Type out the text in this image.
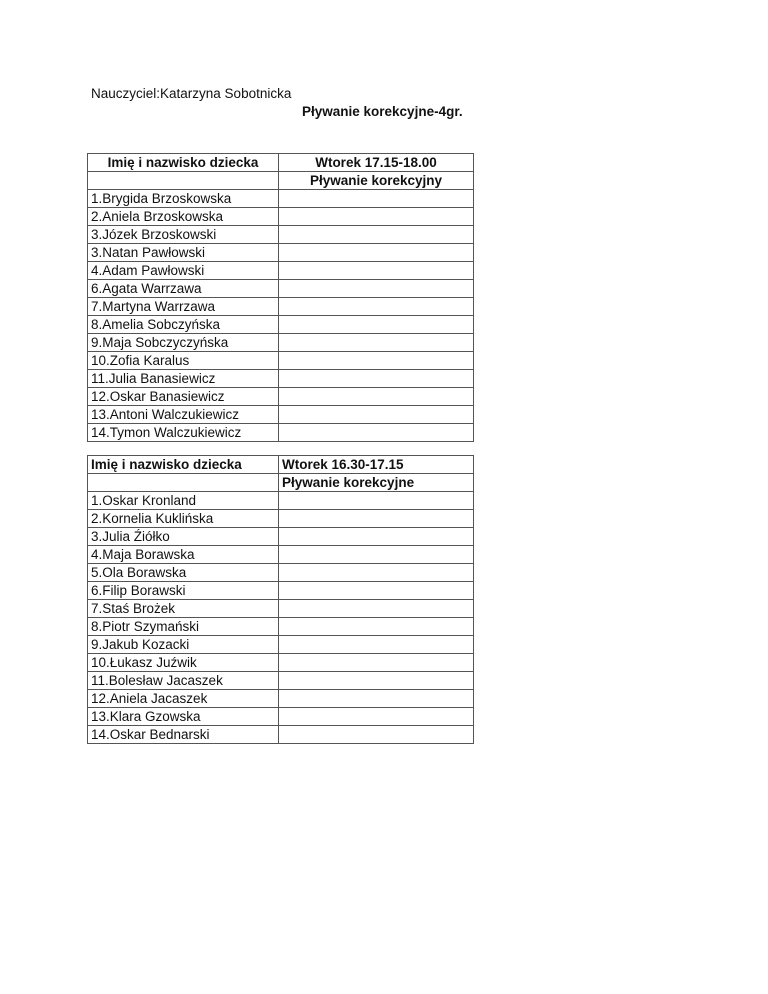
Nauczyciel:Katarzyna Sobotnicka
Pływanie korekcyjne-4gr.
Imię i nazwisko dziecka	Wtorek 17.15-18.00
	Pływanie korekcyjny
1.Brygida Brzoskowska	
2.Aniela Brzoskowska	
3.Józek Brzoskowski	
3.Natan Pawłowski	
4.Adam Pawłowski	
6.Agata Warrzawa	
7.Martyna Warrzawa	
8.Amelia Sobczyńska	
9.Maja Sobczyczyńska	
10.Zofia Karalus	
11.Julia Banasiewicz	
12.Oskar Banasiewicz	
13.Antoni Walczukiewicz	
14.Tymon Walczukiewicz	
Imię i nazwisko dziecka	Wtorek 16.30-17.15
	Pływanie korekcyjne
1.Oskar Kronland	
2.Kornelia Kuklińska	
3.Julia Źiółko	
4.Maja Borawska	
5.Ola Borawska	
6.Filip Borawski	
7.Staś Brożek	
8.Piotr Szymański	
9.Jakub Kozacki	
10.Łukasz Juźwik	
11.Bolesław Jacaszek	
12.Aniela Jacaszek	
13.Klara Gzowska	
14.Oskar Bednarski	
